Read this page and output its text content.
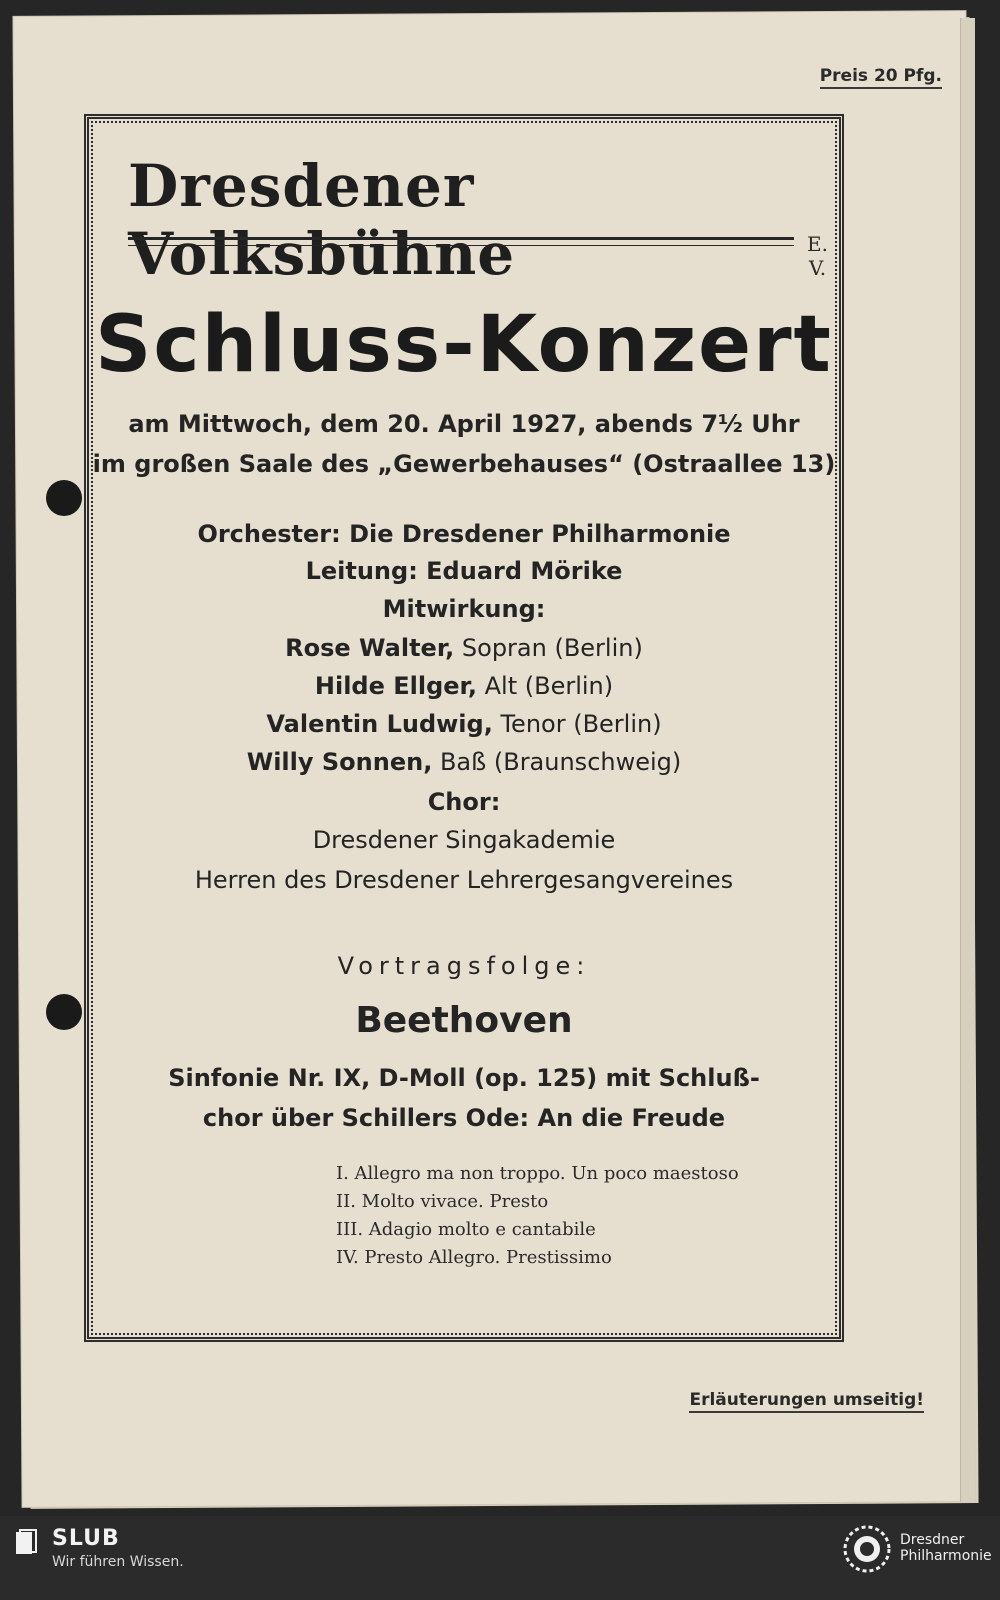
Preis 20 Pfg.
Dresdener Volksbühne	E.
V.
Schluss-Konzert
am Mittwoch, dem 20. April 1927, abends 7½ Uhr
im großen Saale des „Gewerbehauses“ (Ostraallee 13)
Orchester: Die Dresdener Philharmonie
Leitung: Eduard Mörike
Mitwirkung:
Rose Walter, Sopran (Berlin)
Hilde Ellger, Alt (Berlin)
Valentin Ludwig, Tenor (Berlin)
Willy Sonnen, Baß (Braunschweig)
Chor:
Dresdener Singakademie
Herren des Dresdener Lehrergesangvereines
Vortragsfolge:
Beethoven
Sinfonie Nr. IX, D-Moll (op. 125) mit Schluß-
chor über Schillers Ode: An die Freude
I. Allegro ma non troppo. Un poco maestoso
II. Molto vivace. Presto
III. Adagio molto e cantabile
IV. Presto Allegro. Prestissimo
Erläuterungen umseitig!
SLUB
Wir führen Wissen.
Dresdner
Philharmonie
